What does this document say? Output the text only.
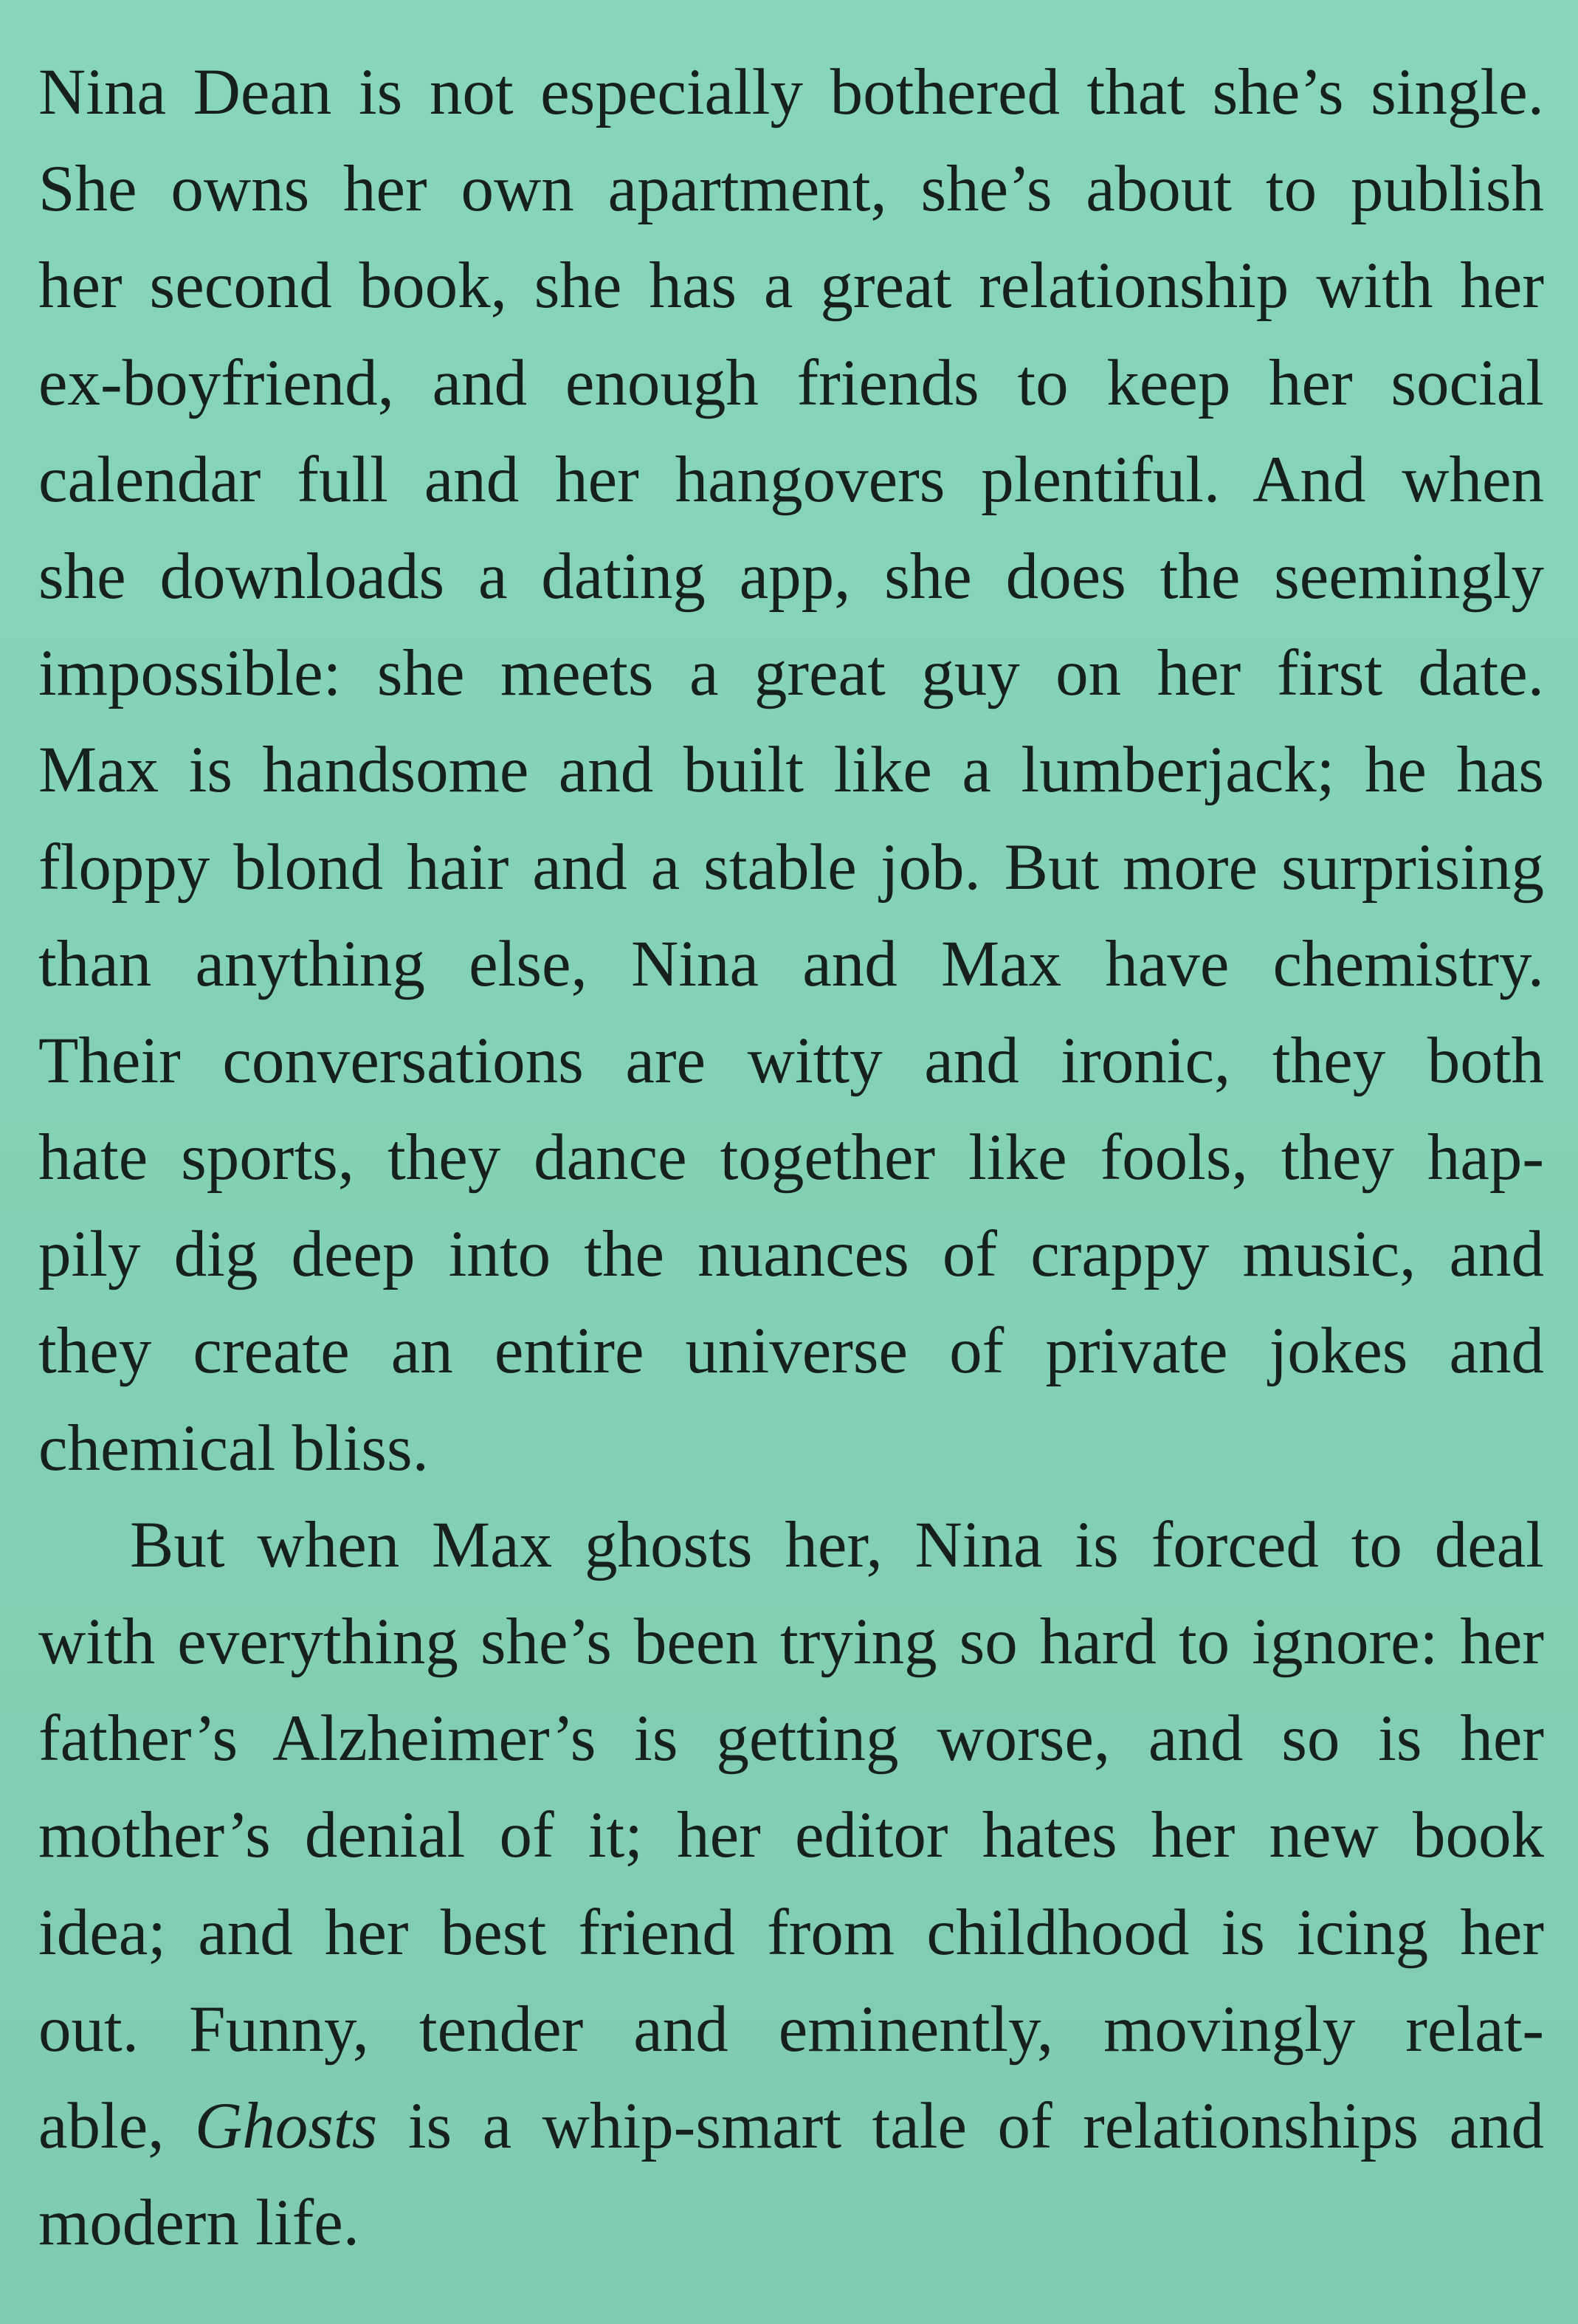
Nina Dean is not especially bothered that she’s single.
She owns her own apartment, she’s about to publish
her second book, she has a great relationship with her
ex-boyfriend, and enough friends to keep her social
calendar full and her hangovers plentiful. And when
she downloads a dating app, she does the seemingly
impossible: she meets a great guy on her first date.
Max is handsome and built like a lumberjack; he has
floppy blond hair and a stable job. But more surprising
than anything else, Nina and Max have chemistry.
Their conversations are witty and ironic, they both
hate sports, they dance together like fools, they hap-
pily dig deep into the nuances of crappy music, and
they create an entire universe of private jokes and
chemical bliss.
But when Max ghosts her, Nina is forced to deal
with everything she’s been trying so hard to ignore: her
father’s Alzheimer’s is getting worse, and so is her
mother’s denial of it; her editor hates her new book
idea; and her best friend from childhood is icing her
out. Funny, tender and eminently, movingly relat-
able, Ghosts is a whip-smart tale of relationships and
modern life.
